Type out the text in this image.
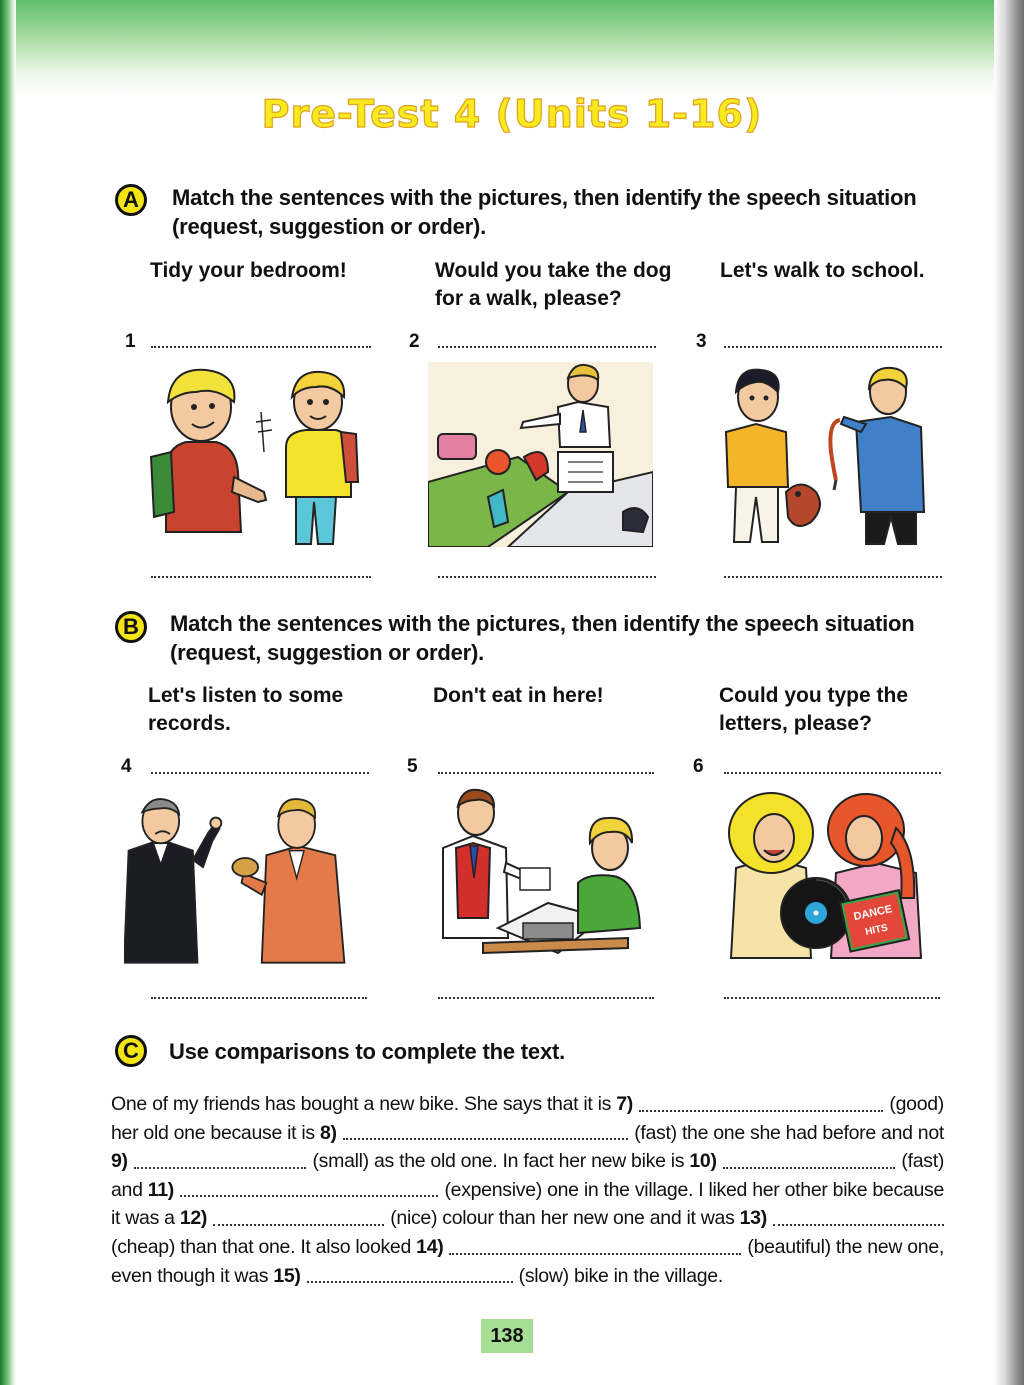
Pre-Test 4 (Units 1-16)
A	Match the sentences with the pictures, then identify the speech situation
(request, suggestion or order).
Tidy your bedroom!	Would you take the dog
for a walk, please?
Let's walk to school.
1	2	3
B	Match the sentences with the pictures, then identify the speech situation
(request, suggestion or order).
Let's listen to some
records.
Don't eat in here!	Could you type the
letters, please?
4	5	6
DANCE
HITS
C	Use comparisons to complete the text.
One of my friends has bought a new bike. She says that it is 7)	(good)
her old one because it is 8)	(fast) the one she had before and not
9)	(small) as the old one. In fact her new bike is 10)	(fast)
and 11)	(expensive) one in the village. I liked her other bike because
it was a 12)	(nice) colour than her new one and it was 13)
(cheap) than that one. It also looked 14)	(beautiful) the new one,
even though it was 15)	(slow) bike in the village.
138
